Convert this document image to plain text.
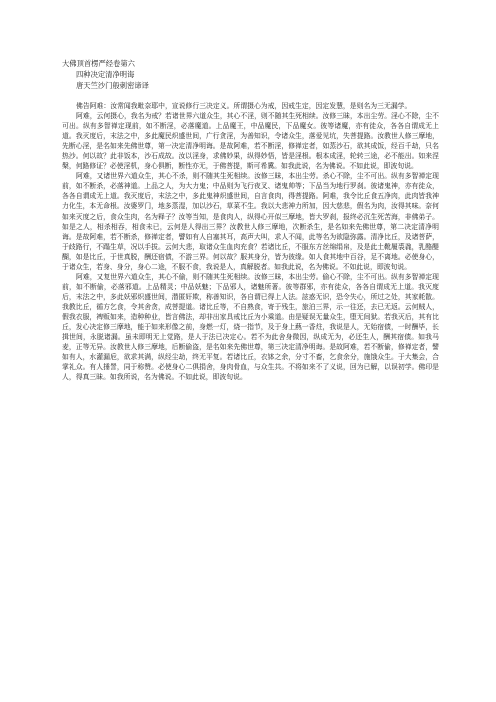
大佛顶首楞严经卷第六
四种决定清净明诲
唐天竺沙门般刺密谛译

佛告阿难：汝常闻我毗奈耶中，宣说修行三决定义。所谓摄心为戒，因戒生定，因定发慧，是则名为三无漏学。

阿难，云何摄心，我名为戒？若诸世界六道众生，其心不淫，则不随其生死相续。汝修三昧，本出尘劳。淫心不除，尘不可出。纵有多智禅定现前，如不断淫，必落魔道。上品魔王，中品魔民，下品魔女。彼等诸魔，亦有徒众，各各自谓成无上道。我灭度后，末法之中，多此魔民炽盛世间，广行贪淫，为善知识，令诸众生，落爱见坑，失菩提路。汝教世人修三摩地，先断心淫，是名如来先佛世尊，第一决定清净明诲。是故阿难，若不断淫，修禅定者，如蒸沙石，欲其成饭，经百千劫，只名热沙。何以故？此非饭本，沙石成故。汝以淫身，求佛妙果，纵得妙悟，皆是淫根。根本成淫，轮转三途，必不能出。如来涅槃，何路修证？必使淫机，身心俱断，断性亦无，于佛菩提，斯可希冀。如我此说，名为佛说。不如此说，即波旬说。

阿难，又诸世界六道众生，其心不杀，则不随其生死相续。汝修三昧，本出尘劳。杀心不除，尘不可出。纵有多智禅定现前，如不断杀，必落神道。上品之人，为大力鬼；中品则为飞行夜叉、诸鬼帅等；下品当为地行罗刹。彼诸鬼神，亦有徒众，各各自谓成无上道。我灭度后，末法之中，多此鬼神炽盛世间，自言食肉，得菩提路。阿难，我令比丘食五净肉，此肉皆我神力化生，本无命根。汝婆罗门，地多蒸湿，加以沙石，草菜不生。我以大悲神力所加，因大慈悲，假名为肉，汝得其味。奈何如来灭度之后，食众生肉，名为释子？汝等当知，是食肉人，纵得心开似三摩地，皆大罗刹，报终必沉生死苦海，非佛弟子。如是之人，相杀相吞，相食未已，云何是人得出三界？汝教世人修三摩地，次断杀生，是名如来先佛世尊，第二决定清净明诲。是故阿难，若不断杀，修禅定者，譬如有人自塞其耳，高声大叫，求人不闻，此等名为欲隐弥露。清净比丘，及诸菩萨，于歧路行，不蹋生草，况以手拔。云何大悲，取诸众生血肉充食？若诸比丘，不服东方丝绵绢帛，及是此土靴履裘毳，乳酪醍醐，如是比丘，于世真脱，酬还宿债，不游三界。何以故？服其身分，皆为彼缘。如人食其地中百谷，足不离地。必使身心，于诸众生，若身、身分，身心二途，不服不食，我说是人，真解脱者。如我此说，名为佛说。不如此说，即波旬说。

阿难，又复世界六道众生，其心不偷，则不随其生死相续。汝修三昧，本出尘劳。偷心不除，尘不可出。纵有多智禅定现前，如不断偷，必落邪道。上品精灵；中品妖魅；下品邪人，诸魅所著。彼等群邪，亦有徒众，各各自谓成无上道。我灭度后，末法之中，多此妖邪炽盛世间，潜匿奸欺，称善知识，各自谓已得上人法。詃惑无识，恐令失心，所过之处，其家耗散。我教比丘，循方乞食，令其舍贪，成菩提道。诸比丘等，不自熟食，寄于残生，旅泊三界，示一往还，去已无返。云何贼人，假我衣服，裨贩如来，造种种业，皆言佛法，却非出家具戒比丘为小乘道。由是疑误无量众生，堕无间狱。若我灭后，其有比丘，发心决定修三摩地，能于如来形像之前，身燃一灯，烧一指节，及于身上爇一香炷，我说是人，无始宿债，一时酬毕，长揖世间，永脱诸漏。虽未即明无上觉路，是人于法已决定心。若不为此舍身微因，纵成无为，必还生人，酬其宿债。如我马麦，正等无异。汝教世人修三摩地，后断偷盗，是名如来先佛世尊，第三决定清净明诲。是故阿难，若不断偷，修禅定者，譬如有人，水灌漏卮，欲求其满，纵经尘劫，终无平复。若诸比丘，衣钵之余，分寸不畜，乞食余分，施饿众生。于大集会，合掌礼众。有人捶詈，同于称赞。必使身心二俱捐舍，身肉骨血，与众生共。不将如来不了义说，回为已解，以误初学。佛印是人，得真三昧。如我所说，名为佛说。不如此说，即波旬说。
